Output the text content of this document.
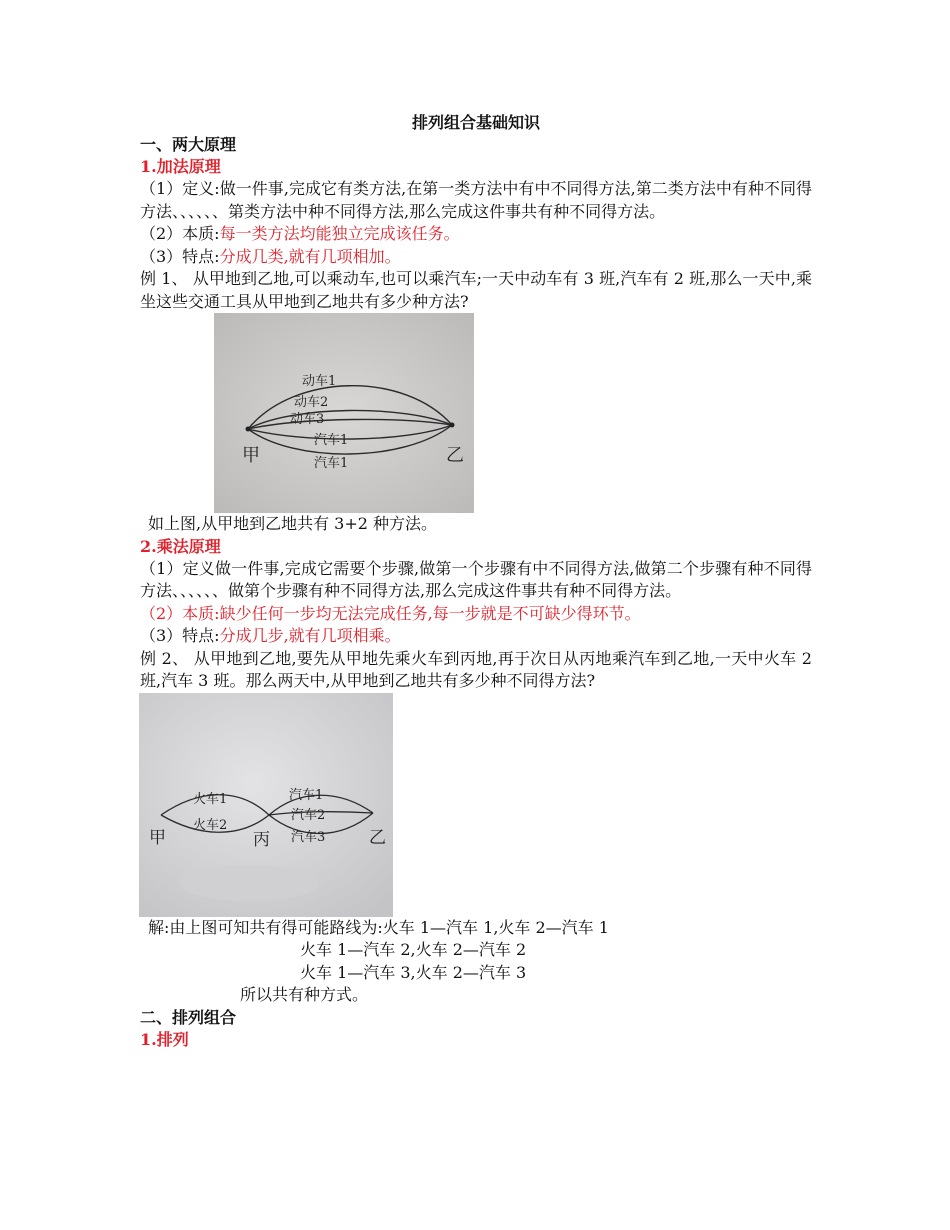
排列组合基础知识
一、两大原理
1.加法原理
（1）定义:做一件事,完成它有类方法,在第一类方法中有中不同得方法,第二类方法中有种不同得方法、、、、、、第类方法中种不同得方法,那么完成这件事共有种不同得方法。
（2）本质:每一类方法均能独立完成该任务。
（3）特点:分成几类,就有几项相加。
例 1、 从甲地到乙地,可以乘动车,也可以乘汽车;一天中动车有 3 班,汽车有 2 班,那么一天中,乘坐这些交通工具从甲地到乙地共有多少种方法?
动车1
动车2
动车3
汽车1
汽车1
甲	乙
如上图,从甲地到乙地共有 3+2 种方法。
2.乘法原理
（1）定义做一件事,完成它需要个步骤,做第一个步骤有中不同得方法,做第二个步骤有种不同得方法、、、、、、做第个步骤有种不同得方法,那么完成这件事共有种不同得方法。
（2）本质:缺少任何一步均无法完成任务,每一步就是不可缺少得环节。
（3）特点:分成几步,就有几项相乘。
例 2、 从甲地到乙地,要先从甲地先乘火车到丙地,再于次日从丙地乘汽车到乙地,一天中火车 2 班,汽车 3 班。那么两天中,从甲地到乙地共有多少种不同得方法?
火车1
火车2
汽车1
汽车2
汽车3
甲	丙	乙
解:由上图可知共有得可能路线为:火车 1—汽车 1,火车 2—汽车 1
火车 1—汽车 2,火车 2—汽车 2
火车 1—汽车 3,火车 2—汽车 3
所以共有种方式。
二、排列组合
1.排列
